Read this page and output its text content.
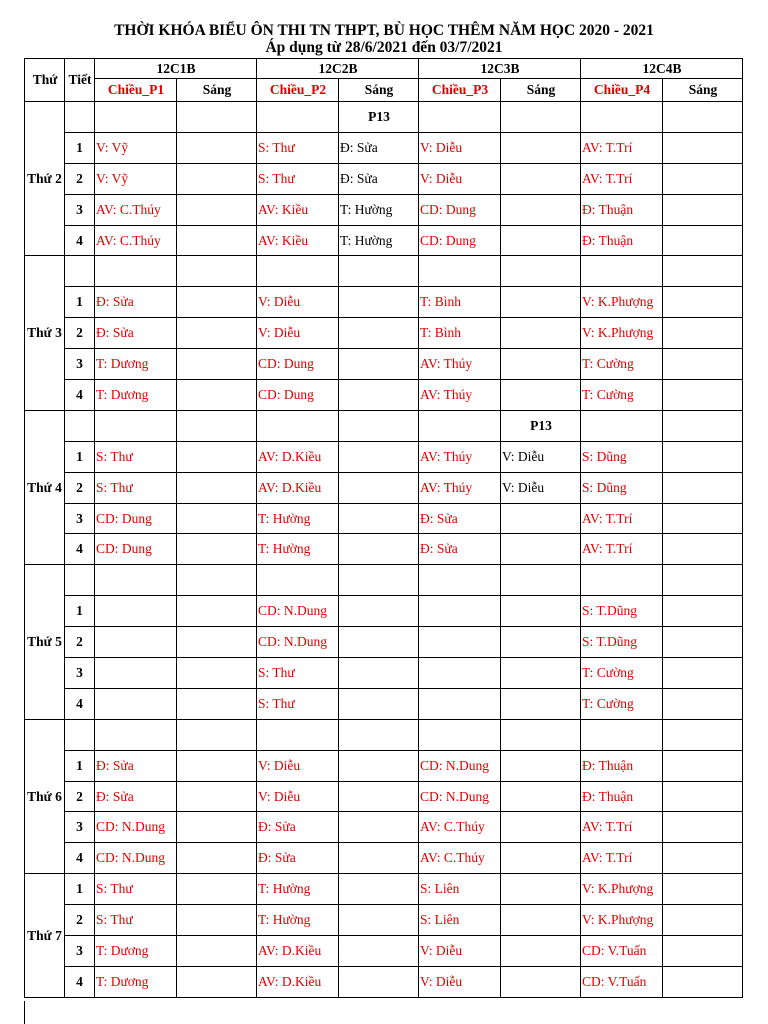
THỜI KHÓA BIỂU ÔN THI TN THPT, BÙ HỌC THÊM NĂM HỌC 2020 - 2021
Áp dụng từ 28/6/2021 đến 03/7/2021
Thứ	Tiết	12C1B		12C2B		12C3B		12C4B	
		Chiều_P1	Sáng	Chiều_P2	Sáng	Chiều_P3	Sáng	Chiều_P4	Sáng
Thứ 2					P13				
	1	V: Vỹ		S: Thư	Đ: Sửa	V: Diễu		AV: T.Trí	
	2	V: Vỹ		S: Thư	Đ: Sửa	V: Diễu		AV: T.Trí	
	3	AV: C.Thúy		AV: Kiều	T: Hường	CD: Dung		Đ: Thuận	
	4	AV: C.Thúy		AV: Kiều	T: Hường	CD: Dung		Đ: Thuận	
Thứ 3									
	1	Đ: Sửa		V: Diễu		T: Bình		V: K.Phượng	
	2	Đ: Sửa		V: Diễu		T: Bình		V: K.Phượng	
	3	T: Dương		CD: Dung		AV: Thúy		T: Cường	
	4	T: Dương		CD: Dung		AV: Thúy		T: Cường	
Thứ 4							P13		
	1	S: Thư		AV: D.Kiều		AV: Thúy	V: Diễu	S: Dũng	
	2	S: Thư		AV: D.Kiều		AV: Thúy	V: Diễu	S: Dũng	
	3	CD: Dung		T: Hường		Đ: Sửa		AV: T.Trí	
	4	CD: Dung		T: Hường		Đ: Sửa		AV: T.Trí	
Thứ 5									
	1			CD: N.Dung				S: T.Dũng	
	2			CD: N.Dung				S: T.Dũng	
	3			S: Thư				T: Cường	
	4			S: Thư				T: Cường	
Thứ 6									
	1	Đ: Sửa		V: Diễu		CD: N.Dung		Đ: Thuận	
	2	Đ: Sửa		V: Diễu		CD: N.Dung		Đ: Thuận	
	3	CD: N.Dung		Đ: Sửa		AV: C.Thúy		AV: T.Trí	
	4	CD: N.Dung		Đ: Sửa		AV: C.Thúy		AV: T.Trí	
Thứ 7	1	S: Thư		T: Hường		S: Liên		V: K.Phượng	
	2	S: Thư		T: Hường		S: Liên		V: K.Phượng	
	3	T: Dương		AV: D.Kiều		V: Diễu		CD: V.Tuấn	
	4	T: Dương		AV: D.Kiều		V: Diễu		CD: V.Tuấn	
